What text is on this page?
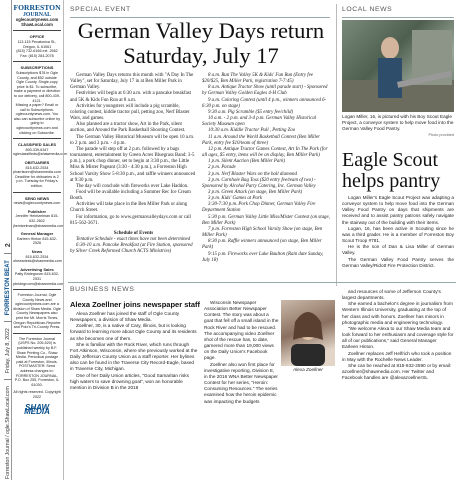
Forreston Journal / ogle.ShawLocal.com
Friday, July 8, 2022
FORRESTON BEAT
2
FORRESTON
JOURNAL
oglecountynews.com
ShawLocal.com
OFFICE
113-115 Pecatonica St., Oregon, IL 61061
(815) 732-6166 ext. 2562
Fax: (815) 284-2078
SUBSCRIPTIONS
Subscriptions $78 in Ogle County, and $52 outside Ogle County. Single-copy price is $1. To subscribe, make a payment or direction to our delivery, call 800-439-4121.
Missing a paper? Email or call to Subscriptions. oglecountynews.com. You also can subscribe online by going to oglecountynews.com and clicking on Subscribe.
CLASSIFIED SALES
800-339-6347 ogleclassifieds@shawmedia.com
OBITUARIES
815-632-2534 pharrisonn@shawmedia.com Deadline for obituaries is 2 p.m. Tuesday for Friday's edition.
SEND NEWS
news@oglecountynews.com
Publisher
Jennifer Heintzelman 815-632-2602 jheintzelman@shawmedia.com
General Manager
Earleen Hinton 815-632-2526
News
815-632-2534 ohewsdesk@shawmedia.com
Advertising Sales
Patty Bridegroom 815-632-2531 pbridegroom@shawmedia.com
Forreston Journal, Ogle County News and oglecountynews.com are a division of Shaw Media. Ogle County Newspapers also print the Mt. Morris Times, Oregon Republican-Reporter and Polo's Tri-County Press.
The Forreston Journal (USPS No. 205-520) is published weekly by B.F. Shaw Printing Co., Shaw Media. Periodical postage paid at Forreston, Illinois. POSTMASTER: Send address changes to: FORRESTON JOURNAL, P.O. Box 255, Forreston, IL 61030.
All rights reserved. Copyright 2022
SHAW MEDIA
SPECIAL EVENT
German Valley Days return Saturday, July 17

German Valley Days returns this month with "A Day In The Valley", set for Saturday, July 17 in at Ben Miller Park in German Valley.

Festivities will begin at 6:30 a.m. with a pancake breakfast and 5K & Kids Fun Run at 8 a.m.

Activities for youngsters will include a pig scramble, coloring contest, kiddie tractor pull, petting zoo, Nerf Blaster Wars, and games.

Also planned are a tractor show, Art in the Park, silent auction, and Around the Park Basketball Shooting Contest.

The German Valley Historical Museum will be open 10 a.m. to 2 p.m. and 3 p.m. - 4 p.m.

The parade will step off at 2 p.m. followed by a bags tournament, entertainment by Green Acres Bluegrass Band: 3-5 p.m.), a pork chop dinner, set to begin at 3:30 p.m., the Little Miss & Mister Pageant (3:30 - 4:30 p.m.), a Forreston High School Varsity Show 5-8:30 p.m., and raffle winners announced at 9:30 p.m.

The day will conclude with fireworks over Lake Haddon.

Food will be available including a Summer Rec Ice Cream Booth.

Activities will take place in the Ben Miller Park or along Church Street.

For information, go to www.germanvalleydays.com or call 815-562-3671.

Schedule of Events

Tentative Schedule - exact times have not been determined

6:30-10 a.m. Pancake Breakfast (at Fire Station, sponsored by Silver Creek Reformed Church ACTS Ministries)

8 a.m. Run The Valley 5K & Kids' Fun Run (Entry fee $20/$25, Ben Miller Park, registration 7-7:45)

8 a.m. Antique Tractor Show (until parade start) - Sponsored by German Valley Golden Eagles 4-H Club

9 a.m. Coloring Contest (until 4 p.m., winners announced 6-6:30 p.m. on stage)

9:30 a.m. Pig Scramble ($5 entry fee/child)

10 a.m. - 2 p.m. and 3-4 p.m. German Valley Historical Society Museum open

10:30 a.m. Kiddie Tractor Pull , Petting Zoo

11 a.m. Around the World Basketball Contest (Ben Miller Park, entry fee $10/team of three)

12 p.m. Antique Tractor Games Contest, Art In The Park (for all ages, $5 entry, items will be on display, Ben Miller Park)

1 p.m. Silent Auction (Ben Miller Park)

2 p.m. Parade

3 p.m. Nerf Blaster Wars on the ball diamond

3 p.m. Cornhole Bag Toss ($20 entry fee/team of two) - Sponsored by Alcohol Party Catering, Inc. German Valley

3 p.m. Green Attack (on stage, Ben Miller Park)

3 p.m. Kids' Games at Park

3:30-7:30 p.m. Pork Chop Dinner, German Valley Fire Department Station

5:30 p.m. German Valley Little Miss/Mister Contest (on stage, Ben Miller Park)

7 p.m. Forreston High School Varsity Show (on stage, Ben Miller Park)

8:30 p.m. Raffle winners announced (on stage, Ben Miller Park)

9:15 p.m. Fireworks over Lake Baulton (Rain date Sunday, July 18)

LOCAL NEWS
Logan Miller, 16, is pictured with his Boy Scout Eagle Project, a conveyor system to help move food into the German Valley Food Pantry.
Photo provided
Eagle Scout helps pantry

Logan Miller's Eagle Scout Project was adapting a conveyor system to help move food into the German Valley Food Pantry on days that shipments are received and to assist pantry patrons safely navigate the stairway out of the building with their items.

Logan, 16, has been active in Scouting since he was a third grader. He is a member of Forreston Boy Scout Troop #781.

He is the son of Dan & Lisa Miller of German Valley.

The German Valley Food Pantry serves the German Valley/Ridott Fire Protection District.

BUSINESS NEWS
Alexa Zoellner joins newspaper staff

Alexa Zoellner has joined the staff of Ogle County Newspapers, a division of Shaw Media.

Zoellner, 30, is a native of Cary, Illinois, but is looking forward to learning more about Ogle County and its residents as she becomes one of them.

She is familiar with the Rock River, which runs through Fort Atkinson, Wisconsin, where she previously worked at the Daily Jefferson County Union as a staff reporter. Her bylines also can be found in the Traverse City Record-Eagle, based in Traverse City, Michigan.

One of her Daily Union articles, "Good Samaritan risks high waters to save drowning goat", won an honorable mention in Division B in the 2018

Wisconsin Newspaper Association Better Newspaper Contest. The story was about a goat that fell off a small island in the Rock River and had to be rescued. The accompanying video Zoellner shot of the rescue has, to date, garnered more than 19,000 views on the Daily Union's Facebook page.

Zoellner also won first place for investigative reporting, Division E, in the 2016 WNA Better Newspaper Contest for her series, "Heroin: Consuming Resources." The series examined how the heroin epidemic was impacting the budgets

Alexa Zoellner

and resources of some of Jefferson County's largest departments.

She earned a bachelor's degree in journalism from Western Illinois University, graduating at the top of her class and with honors. Zoellner has minors in photographic media and engineering technology.

"We welcome Alexa to our Shaw Media team and look forward to her enthusiasm and coverage style for all of our publications," said General Manager Earleen Hinton.

Zoellner replaces Jeff Helfrich who took a position in May with the Rochelle News Leader.

She can be reached at 815-632-2590 or by email: azoellner@shawmedia.com. Her Twitter and Facebook handles are @alexazoellnerSL
